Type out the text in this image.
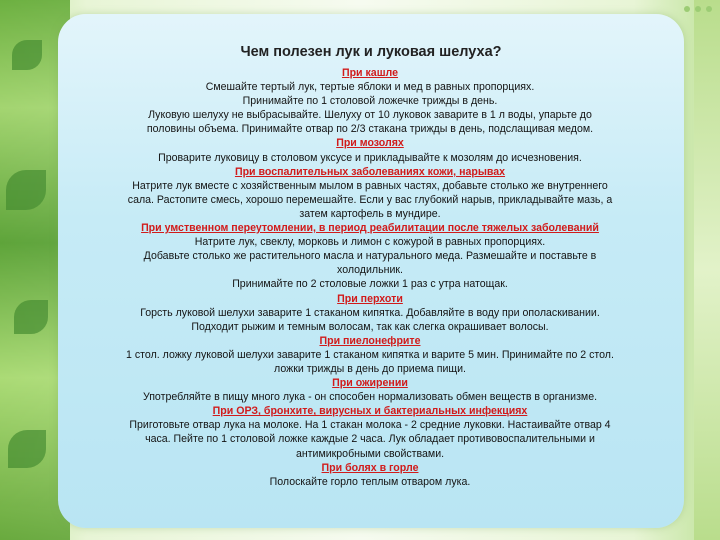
Чем полезен лук и луковая шелуха?

При кашле

Смешайте тертый лук, тертые яблоки и мед в равных пропорциях.

Принимайте по 1 столовой ложечке трижды в день.

Луковую шелуху не выбрасывайте. Шелуху от 10 луковок заварите в 1 л воды, упарьте до

половины объема. Принимайте отвар по 2/3 стакана трижды в день, подслащивая медом.

При мозолях

Проварите луковицу в столовом уксусе и прикладывайте к мозолям до исчезновения.

При воспалительных заболеваниях кожи, нарывах

Натрите лук вместе с хозяйственным мылом в равных частях, добавьте столько же внутреннего

сала. Растопите смесь, хорошо перемешайте. Если у вас глубокий нарыв, прикладывайте мазь, а

затем картофель в мундире.

При умственном переутомлении, в период реабилитации после тяжелых заболеваний

Натрите лук, свеклу, морковь и лимон с кожурой в равных пропорциях.

Добавьте столько же растительного масла и натурального меда. Размешайте и поставьте в

холодильник.

Принимайте по 2 столовые ложки 1 раз с утра натощак.

При перхоти

Горсть луковой шелухи заварите 1 стаканом кипятка. Добавляйте в воду при ополаскивании.

Подходит рыжим и темным волосам, так как слегка окрашивает волосы.

При пиелонефрите

1 стол. ложку луковой шелухи заварите 1 стаканом кипятка и варите 5 мин. Принимайте по 2 стол.

ложки трижды в день до приема пищи.

При ожирении

Употребляйте в пищу много лука - он способен нормализовать обмен веществ в организме.

При ОРЗ, бронхите, вирусных и бактериальных инфекциях

Приготовьте отвар лука на молоке. На 1 стакан молока - 2 средние луковки. Настаивайте отвар 4

часа. Пейте по 1 столовой ложке каждые 2 часа. Лук обладает противовоспалительными и

антимикробными свойствами.

При болях в горле

Полоскайте горло теплым отваром лука.
